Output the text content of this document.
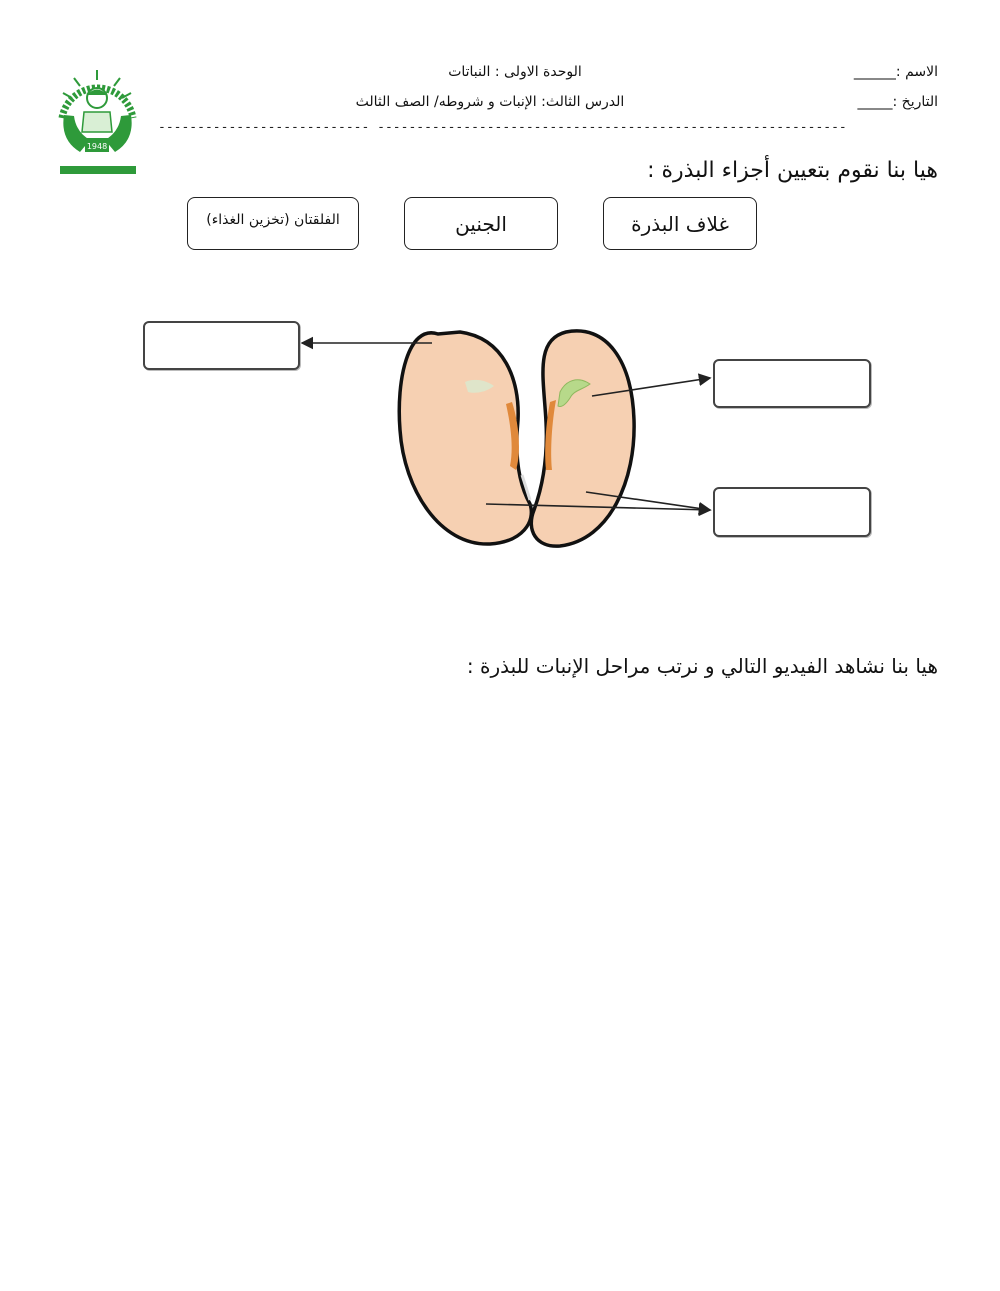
1948
الاسم :______
التاريخ :_____
الوحدة الاولى : النباتات
الدرس الثالث: الإنبات و شروطه/ الصف الثالث
--------------------------- ------------------------------------------------------------
هيا بنا نقوم بتعيين أجزاء البذرة :
غلاف البذرة
الجنين
الفلقتان (تخزين الغذاء)
هيا بنا نشاهد الفيديو التالي و نرتب مراحل الإنبات للبذرة :
